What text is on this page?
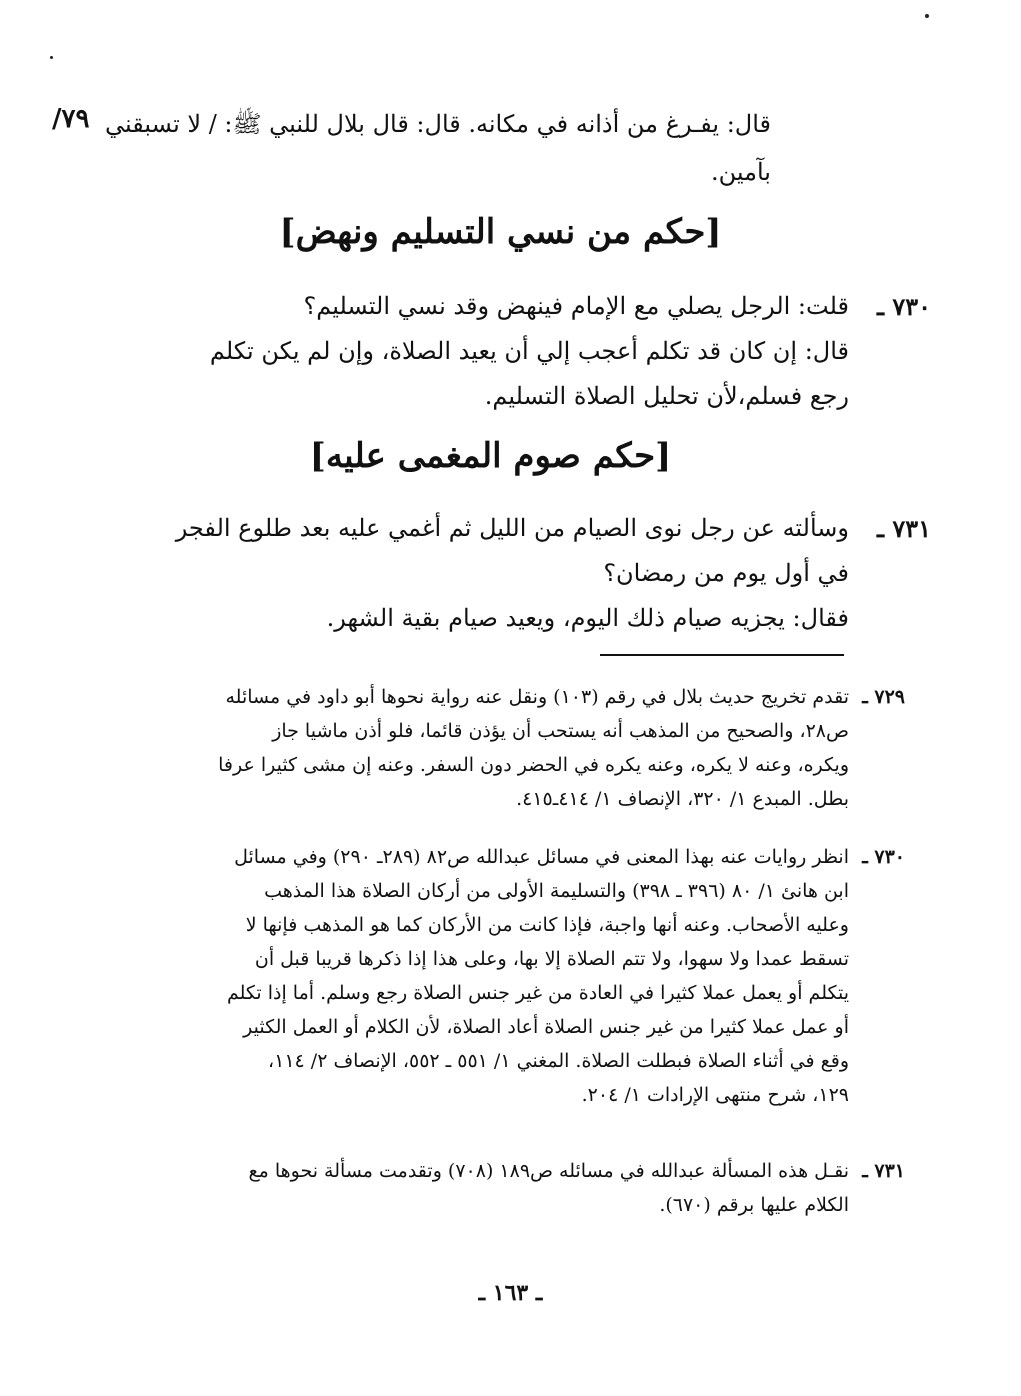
٧٩/ قال: يفـرغ من أذانه في مكانه. قال: قال بلال للنبي ﷺ: / لا تسبقني
بآمين.
[حكم من نسي التسليم ونهض]
٧٣٠ ـ
قلت: الرجل يصلي مع الإمام فينهض وقد نسي التسليم؟
قال: إن كان قد تكلم أعجب إلي أن يعيد الصلاة، وإن لم يكن تكلم
رجع فسلم،لأن تحليل الصلاة التسليم.
[حكم صوم المغمى عليه]
٧٣١ ـ
وسألته عن رجل نوى الصيام من الليل ثم أغمي عليه بعد طلوع الفجر
في أول يوم من رمضان؟
فقال: يجزيه صيام ذلك اليوم، ويعيد صيام بقية الشهر.
٧٢٩ ـ
تقدم تخريج حديث بلال في رقم (١٠٣) ونقل عنه رواية نحوها أبو داود في مسائله
ص٢٨، والصحيح من المذهب أنه يستحب أن يؤذن قائما، فلو أذن ماشيا جاز
ويكره، وعنه لا يكره، وعنه يكره في الحضر دون السفر. وعنه إن مشى كثيرا عرفا
بطل. المبدع ١/ ٣٢٠، الإنصاف ١/ ٤١٤ـ٤١٥.
٧٣٠ ـ
انظر روايات عنه بهذا المعنى في مسائل عبدالله ص٨٢ (٢٨٩ـ ٢٩٠) وفي مسائل
ابن هانئ ١/ ٨٠ (٣٩٦ ـ ٣٩٨) والتسليمة الأولى من أركان الصلاة هذا المذهب
وعليه الأصحاب. وعنه أنها واجبة، فإذا كانت من الأركان كما هو المذهب فإنها لا
تسقط عمدا ولا سهوا، ولا تتم الصلاة إلا بها، وعلى هذا إذا ذكرها قريبا قبل أن
يتكلم أو يعمل عملا كثيرا في العادة من غير جنس الصلاة رجع وسلم. أما إذا تكلم
أو عمل عملا كثيرا من غير جنس الصلاة أعاد الصلاة، لأن الكلام أو العمل الكثير
وقع في أثناء الصلاة فبطلت الصلاة. المغني ١/ ٥٥١ ـ ٥٥٢، الإنصاف ٢/ ١١٤،
١٢٩، شرح منتهى الإرادات ١/ ٢٠٤.
٧٣١ ـ
نقـل هذه المسألة عبدالله في مسائله ص١٨٩ (٧٠٨) وتقدمت مسألة نحوها مع
الكلام عليها برقم (٦٧٠).
ـ ١٦٣ ـ
